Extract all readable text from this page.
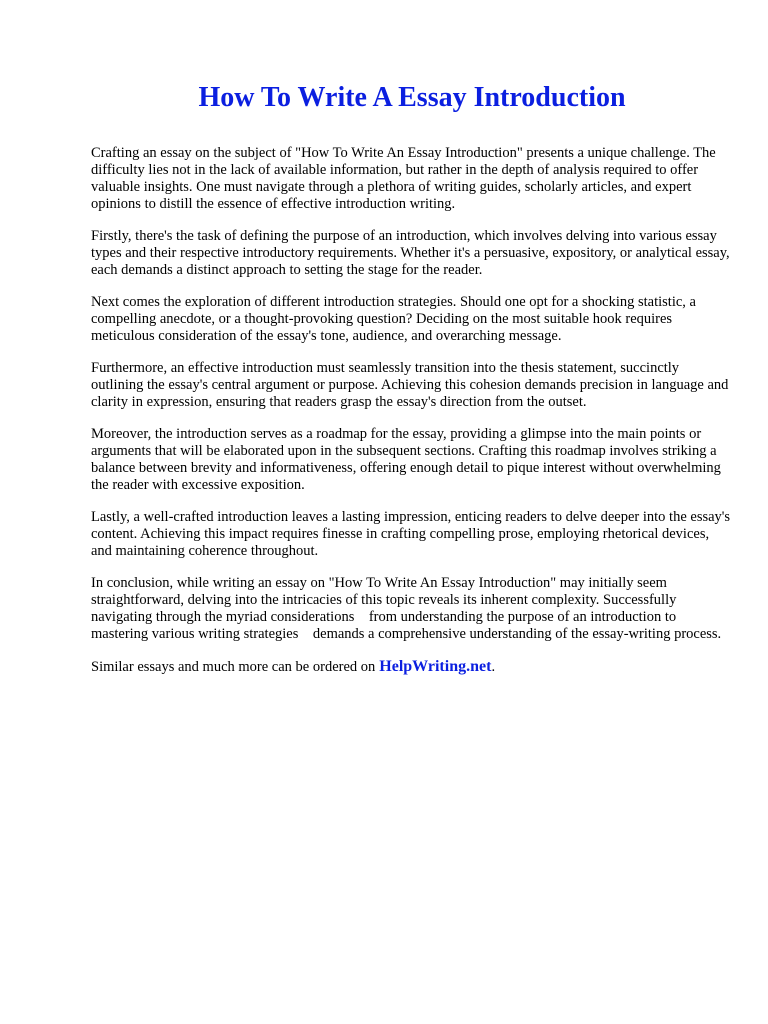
How To Write A Essay Introduction

Crafting an essay on the subject of "How To Write An Essay Introduction" presents a unique challenge. The difficulty lies not in the lack of available information, but rather in the depth of analysis required to offer valuable insights. One must navigate through a plethora of writing guides, scholarly articles, and expert opinions to distill the essence of effective introduction writing.

Firstly, there's the task of defining the purpose of an introduction, which involves delving into various essay types and their respective introductory requirements. Whether it's a persuasive, expository, or analytical essay, each demands a distinct approach to setting the stage for the reader.

Next comes the exploration of different introduction strategies. Should one opt for a shocking statistic, a compelling anecdote, or a thought-provoking question? Deciding on the most suitable hook requires meticulous consideration of the essay's tone, audience, and overarching message.

Furthermore, an effective introduction must seamlessly transition into the thesis statement, succinctly outlining the essay's central argument or purpose. Achieving this cohesion demands precision in language and clarity in expression, ensuring that readers grasp the essay's direction from the outset.

Moreover, the introduction serves as a roadmap for the essay, providing a glimpse into the main points or arguments that will be elaborated upon in the subsequent sections. Crafting this roadmap involves striking a balance between brevity and informativeness, offering enough detail to pique interest without overwhelming the reader with excessive exposition.

Lastly, a well-crafted introduction leaves a lasting impression, enticing readers to delve deeper into the essay's content. Achieving this impact requires finesse in crafting compelling prose, employing rhetorical devices, and maintaining coherence throughout.

In conclusion, while writing an essay on "How To Write An Essay Introduction" may initially seem straightforward, delving into the intricacies of this topic reveals its inherent complexity. Successfully navigating through the myriad considerations from understanding the purpose of an introduction to mastering various writing strategies demands a comprehensive understanding of the essay-writing process.

Similar essays and much more can be ordered on HelpWriting.net.
